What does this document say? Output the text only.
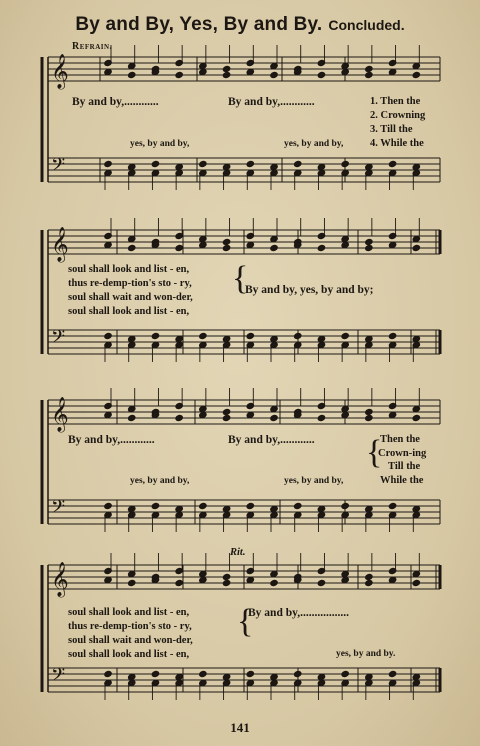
By and By, Yes, By and By. Concluded.
Refrain.
𝄞
𝄢
𝄞
𝄢
𝄞
𝄢
𝄞
𝄢
By and by,............	By and by,............	1. Then the
2. Crowning
3. Till the
4. While the
yes, by and by,	yes, by and by,
soul shall look and list - en,
thus re-demp-tion's sto - ry,
soul shall wait and won-der,
soul shall look and list - en,
{
By and by, yes, by and by;
By and by,............	By and by,............	Then the
Crown-ing
Till the
While the
{
yes, by and by,	yes, by and by,
Rit.
soul shall look and list - en,
thus re-demp-tion's sto - ry,
soul shall wait and won-der,
soul shall look and list - en,
{
By and by,.................
yes, by and by.
141
